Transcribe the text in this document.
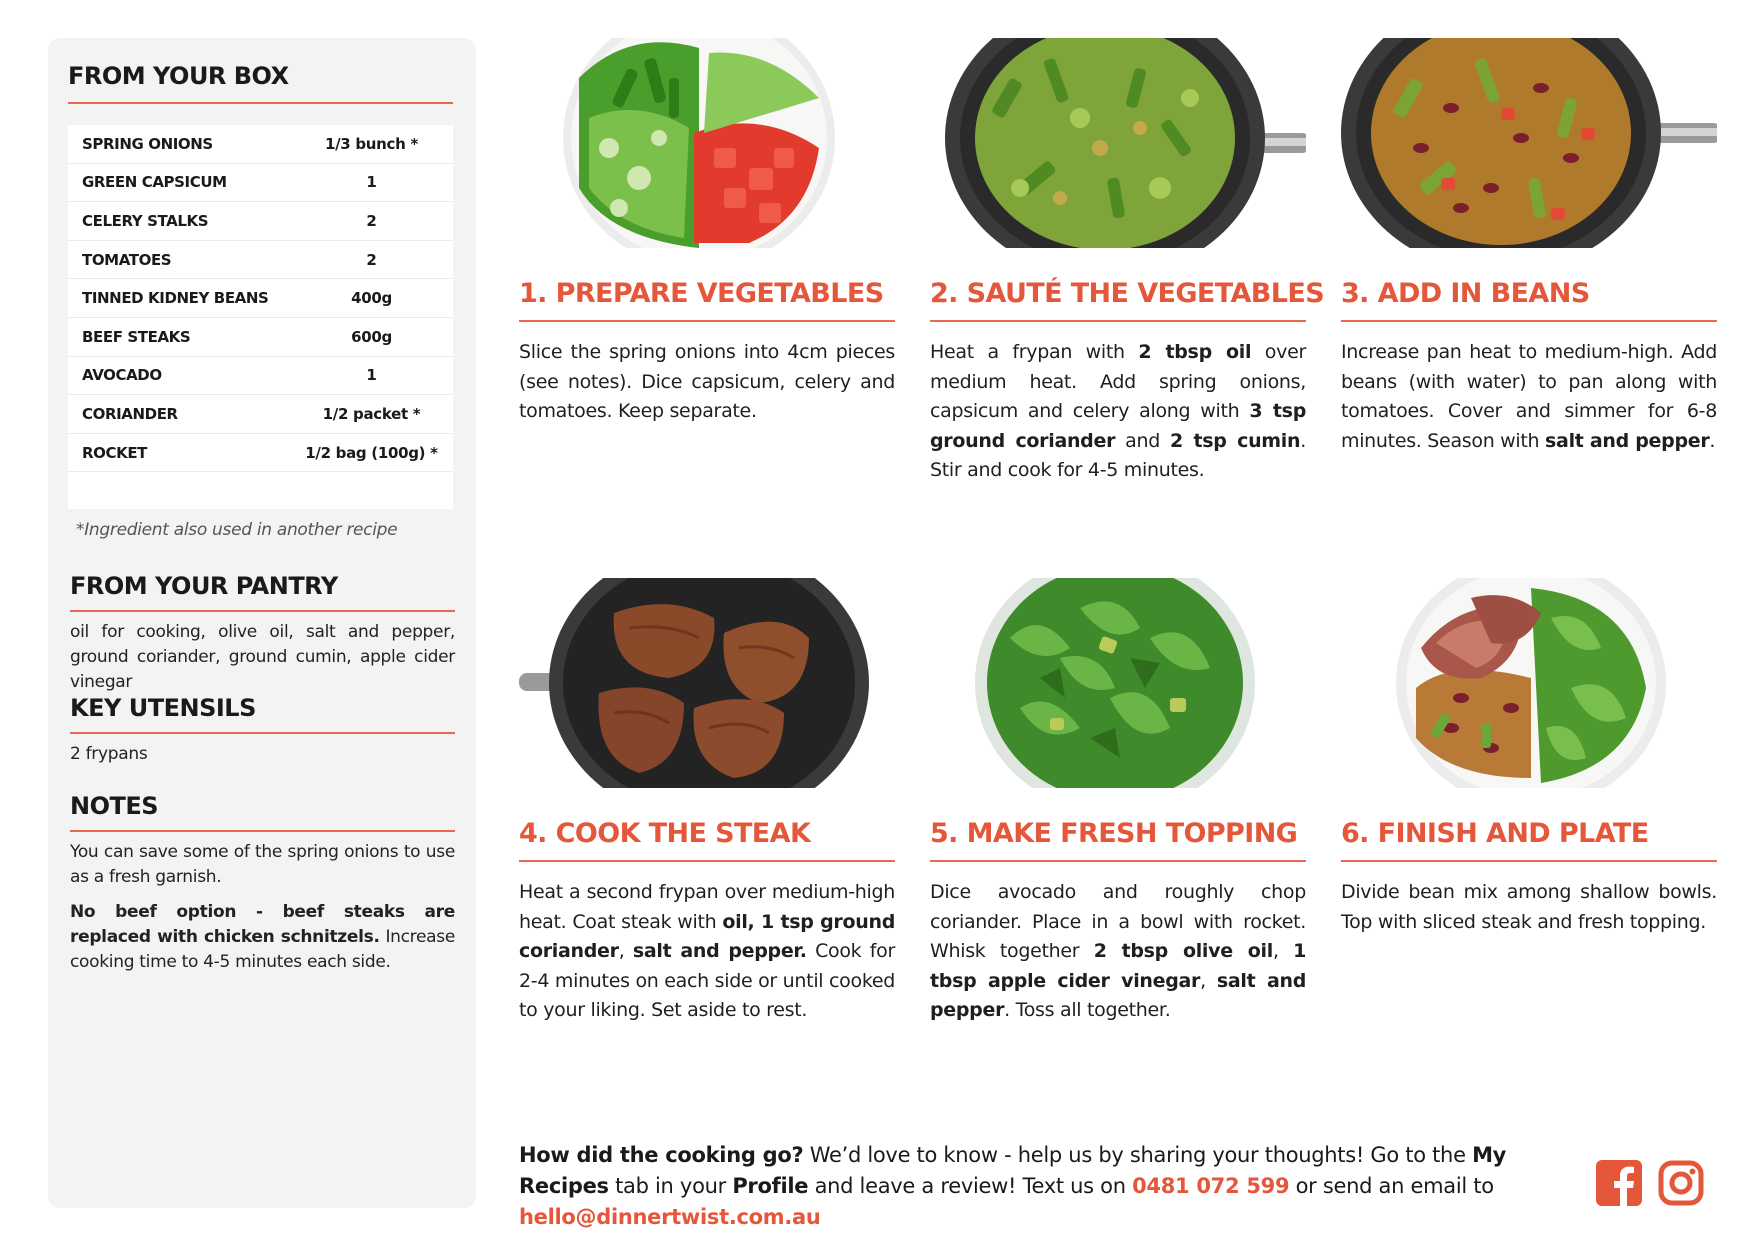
FROM YOUR BOX
SPRING ONIONS	1/3 bunch *
GREEN CAPSICUM	1
CELERY STALKS	2
TOMATOES	2
TINNED KIDNEY BEANS	400g
BEEF STEAKS	600g
AVOCADO	1
CORIANDER	1/2 packet *
ROCKET	1/2 bag (100g) *
*Ingredient also used in another recipe
FROM YOUR PANTRY
oil for cooking, olive oil, salt and pepper, ground coriander, ground cumin, apple cider vinegar
KEY UTENSILS
2 frypans
NOTES
You can save some of the spring onions to use as a fresh garnish.
No beef option - beef steaks are replaced with chicken schnitzels. Increase cooking time to 4-5 minutes each side.
1. PREPARE VEGETABLES
Slice the spring onions into 4cm pieces (see notes). Dice capsicum, celery and tomatoes. Keep separate.
2. SAUTÉ THE VEGETABLES
Heat a frypan with 2 tbsp oil over medium heat. Add spring onions, capsicum and celery along with 3 tsp ground coriander and 2 tsp cumin. Stir and cook for 4-5 minutes.
3. ADD IN BEANS
Increase pan heat to medium-high. Add beans (with water) to pan along with tomatoes. Cover and simmer for 6-8 minutes. Season with salt and pepper.
4. COOK THE STEAK
Heat a second frypan over medium-high heat. Coat steak with oil, 1 tsp ground coriander, salt and pepper. Cook for 2-4 minutes on each side or until cooked to your liking. Set aside to rest.
5. MAKE FRESH TOPPING
Dice avocado and roughly chop coriander. Place in a bowl with rocket. Whisk together 2 tbsp olive oil, 1 tbsp apple cider vinegar, salt and pepper. Toss all together.
6. FINISH AND PLATE
Divide bean mix among shallow bowls. Top with sliced steak and fresh topping.
How did the cooking go? We’d love to know - help us by sharing your thoughts! Go to the My Recipes tab in your Profile and leave a review! Text us on 0481 072 599 or send an email to hello@dinnertwist.com.au
